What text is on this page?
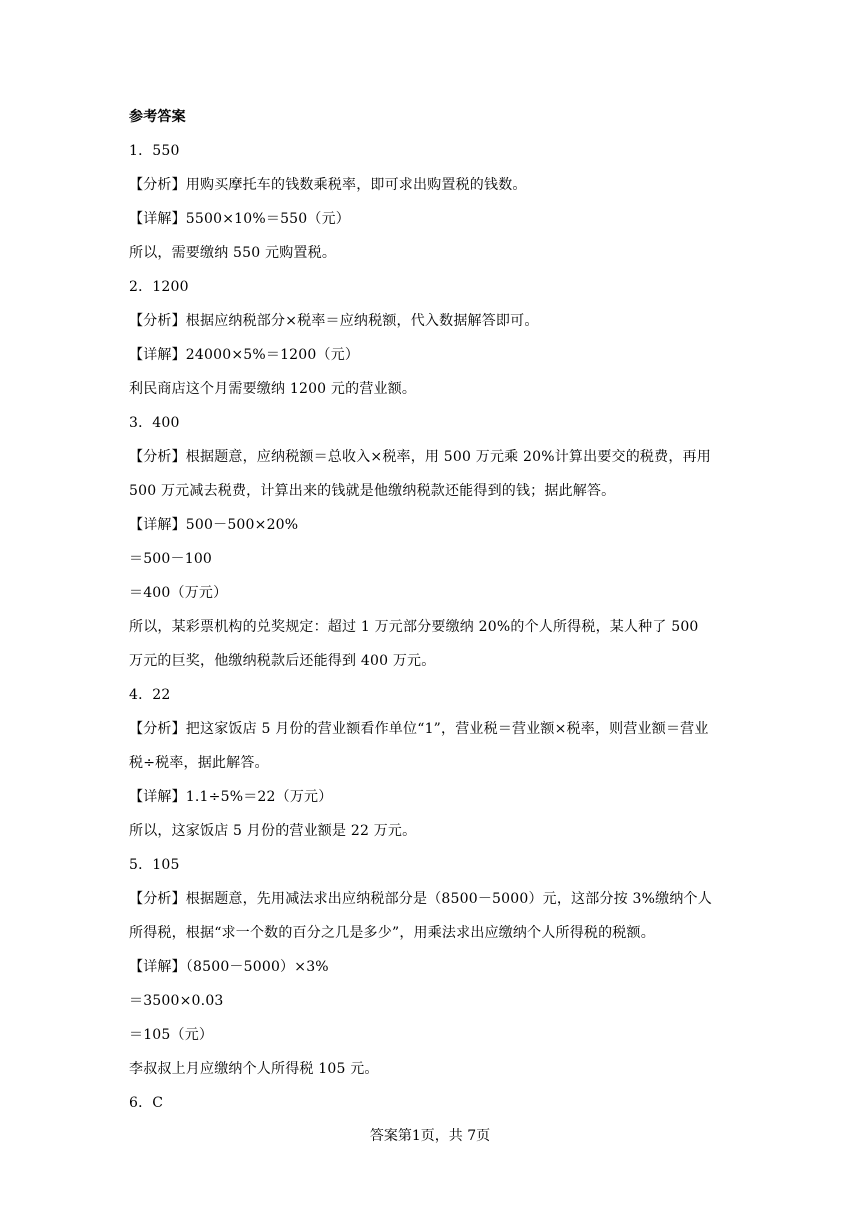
参考答案
1．550
【分析】用购买摩托车的钱数乘税率，即可求出购置税的钱数。
【详解】5500×10%＝550（元）
所以，需要缴纳 550 元购置税。
2．1200
【分析】根据应纳税部分×税率＝应纳税额，代入数据解答即可。
【详解】24000×5%＝1200（元）
利民商店这个月需要缴纳 1200 元的营业额。
3．400
【分析】根据题意，应纳税额＝总收入×税率，用 500 万元乘 20%计算出要交的税费，再用
500 万元减去税费，计算出来的钱就是他缴纳税款还能得到的钱；据此解答。
【详解】500－500×20%
＝500－100
＝400（万元）
所以，某彩票机构的兑奖规定：超过 1 万元部分要缴纳 20%的个人所得税，某人种了 500
万元的巨奖，他缴纳税款后还能得到 400 万元。
4．22
【分析】把这家饭店 5 月份的营业额看作单位“1”，营业税＝营业额×税率，则营业额＝营业
税÷税率，据此解答。
【详解】1.1÷5%＝22（万元）
所以，这家饭店 5 月份的营业额是 22 万元。
5．105
【分析】根据题意，先用减法求出应纳税部分是（8500－5000）元，这部分按 3%缴纳个人
所得税，根据“求一个数的百分之几是多少”，用乘法求出应缴纳个人所得税的税额。
【详解】（8500－5000）×3%
＝3500×0.03
＝105（元）
李叔叔上月应缴纳个人所得税 105 元。
6．C
答案第1页，共 7页
